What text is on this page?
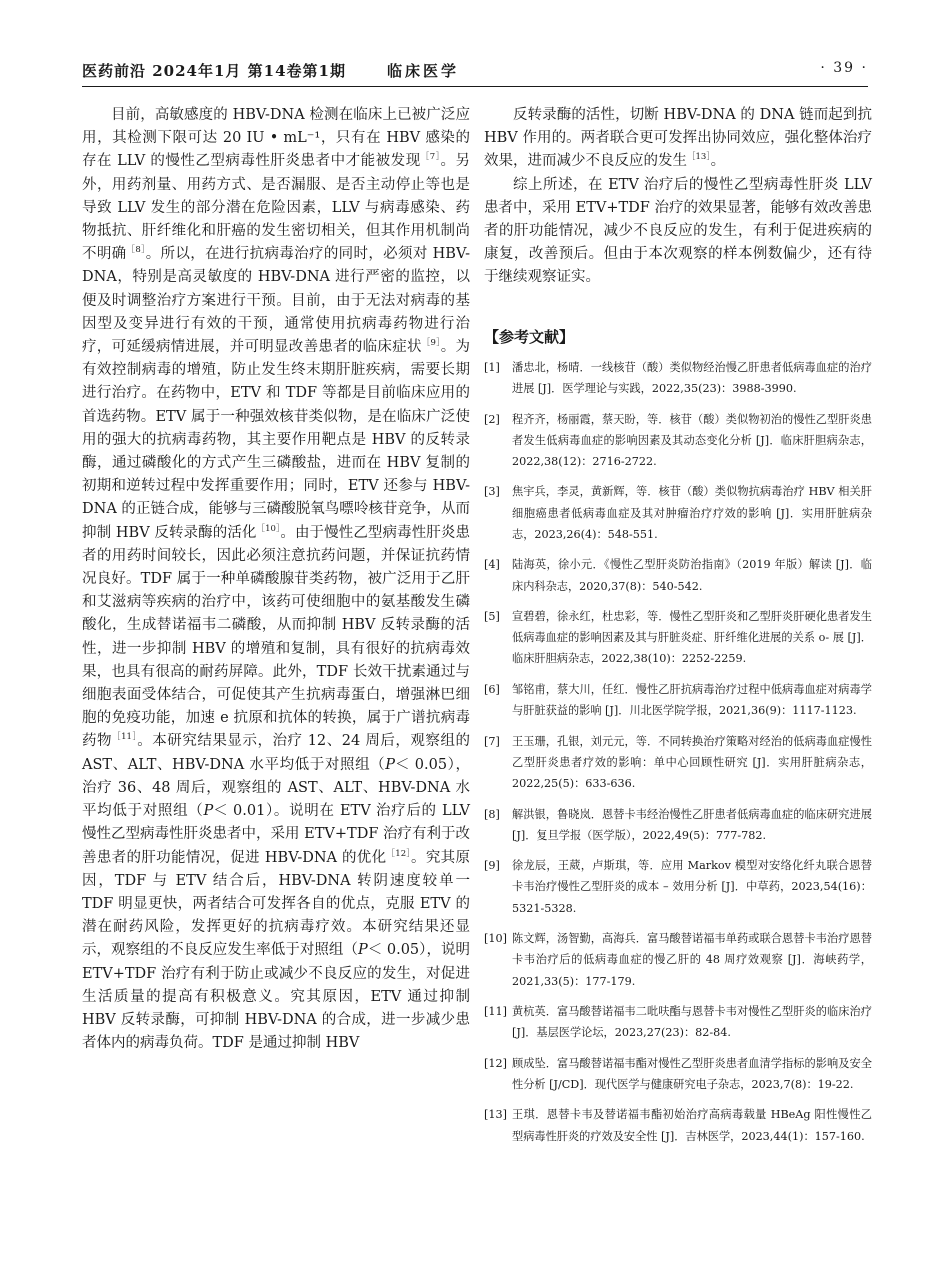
医药前沿 2024年1月 第14卷第1期	临床医学	· 39 ·

目前，高敏感度的 HBV-DNA 检测在临床上已被广泛应用，其检测下限可达 20 IU • mL⁻¹，只有在 HBV 感染的存在 LLV 的慢性乙型病毒性肝炎患者中才能被发现$^{[7]}$。另外，用药剂量、用药方式、是否漏服、是否主动停止等也是导致 LLV 发生的部分潜在危险因素，LLV 与病毒感染、药物抵抗、肝纤维化和肝癌的发生密切相关，但其作用机制尚不明确$^{[8]}$。所以，在进行抗病毒治疗的同时，必须对 HBV-DNA，特别是高灵敏度的 HBV-DNA 进行严密的监控，以便及时调整治疗方案进行干预。目前，由于无法对病毒的基因型及变异进行有效的干预，通常使用抗病毒药物进行治疗，可延缓病情进展，并可明显改善患者的临床症状$^{[9]}$。为有效控制病毒的增殖，防止发生终末期肝脏疾病，需要长期进行治疗。在药物中，ETV 和 TDF 等都是目前临床应用的首选药物。ETV 属于一种强效核苷类似物，是在临床广泛使用的强大的抗病毒药物，其主要作用靶点是 HBV 的反转录酶，通过磷酸化的方式产生三磷酸盐，进而在 HBV 复制的初期和逆转过程中发挥重要作用；同时，ETV 还参与 HBV-DNA 的正链合成，能够与三磷酸脱氧鸟嘌呤核苷竞争，从而抑制 HBV 反转录酶的活化$^{[10]}$。由于慢性乙型病毒性肝炎患者的用药时间较长，因此必须注意抗药问题，并保证抗药情况良好。TDF 属于一种单磷酸腺苷类药物，被广泛用于乙肝和艾滋病等疾病的治疗中，该药可使细胞中的氨基酸发生磷酸化，生成替诺福韦二磷酸，从而抑制 HBV 反转录酶的活性，进一步抑制 HBV 的增殖和复制，具有很好的抗病毒效果，也具有很高的耐药屏障。此外，TDF 长效干扰素通过与细胞表面受体结合，可促使其产生抗病毒蛋白，增强淋巴细胞的免疫功能，加速 e 抗原和抗体的转换，属于广谱抗病毒药物$^{[11]}$。本研究结果显示，治疗 12、24 周后，观察组的 AST、ALT、HBV-DNA 水平均低于对照组（P＜ 0.05），治疗 36、48 周后，观察组的 AST、ALT、HBV-DNA 水平均低于对照组（P＜ 0.01）。说明在 ETV 治疗后的 LLV 慢性乙型病毒性肝炎患者中，采用 ETV+TDF 治疗有利于改善患者的肝功能情况，促进 HBV-DNA 的优化$^{[12]}$。究其原因，TDF 与 ETV 结合后，HBV-DNA 转阴速度较单一 TDF 明显更快，两者结合可发挥各自的优点，克服 ETV 的潜在耐药风险，发挥更好的抗病毒疗效。本研究结果还显示，观察组的不良反应发生率低于对照组（P＜ 0.05），说明 ETV+TDF 治疗有利于防止或减少不良反应的发生，对促进生活质量的提高有积极意义。究其原因，ETV 通过抑制 HBV 反转录酶，可抑制 HBV-DNA 的合成，进一步减少患者体内的病毒负荷。TDF 是通过抑制 HBV

反转录酶的活性，切断 HBV-DNA 的 DNA 链而起到抗 HBV 作用的。两者联合更可发挥出协同效应，强化整体治疗效果，进而减少不良反应的发生$^{[13]}$。

综上所述，在 ETV 治疗后的慢性乙型病毒性肝炎 LLV 患者中，采用 ETV+TDF 治疗的效果显著，能够有效改善患者的肝功能情况，减少不良反应的发生，有利于促进疾病的康复，改善预后。但由于本次观察的样本例数偏少，还有待于继续观察证实。

【参考文献】
[1] 潘忠北，杨晴．一线核苷（酸）类似物经治慢乙肝患者低病毒血症的治疗进展 [J]．医学理论与实践，2022,35(23)：3988-3990.
[2] 程齐齐，杨丽霞，蔡天盼，等．核苷（酸）类似物初治的慢性乙型肝炎患者发生低病毒血症的影响因素及其动态变化分析 [J]．临床肝胆病杂志，2022,38(12)：2716-2722.
[3] 焦宇兵，李灵，黄新辉，等．核苷（酸）类似物抗病毒治疗 HBV 相关肝细胞癌患者低病毒血症及其对肿瘤治疗疗效的影响 [J]．实用肝脏病杂志，2023,26(4)：548-551.
[4] 陆海英，徐小元．《慢性乙型肝炎防治指南》（2019 年版）解读 [J]．临床内科杂志，2020,37(8)：540-542.
[5] 宣碧碧，徐永红，杜忠彩，等．慢性乙型肝炎和乙型肝炎肝硬化患者发生低病毒血症的影响因素及其与肝脏炎症、肝纤维化进展的关系 o- 展 [J]．临床肝胆病杂志，2022,38(10)：2252-2259.
[6] 邹铭甫，蔡大川，任红．慢性乙肝抗病毒治疗过程中低病毒血症对病毒学与肝脏获益的影响 [J]．川北医学院学报，2021,36(9)：1117-1123.
[7] 王玉珊，孔银，刘元元，等．不同转换治疗策略对经治的低病毒血症慢性乙型肝炎患者疗效的影响：单中心回顾性研究 [J]．实用肝脏病杂志，2022,25(5)：633-636.
[8] 解洪银，鲁晓岚．恩替卡韦经治慢性乙肝患者低病毒血症的临床研究进展 [J]．复旦学报（医学版），2022,49(5)：777-782.
[9] 徐龙辰，王葳，卢斯琪，等．应用 Markov 模型对安络化纤丸联合恩替卡韦治疗慢性乙型肝炎的成本 – 效用分析 [J]．中草药，2023,54(16)：5321-5328.
[10] 陈文辉，汤智勤，高海兵．富马酸替诺福韦单药或联合恩替卡韦治疗恩替卡韦治疗后的低病毒血症的慢乙肝的 48 周疗效观察 [J]．海峡药学，2021,33(5)：177-179.
[11] 黄杭英．富马酸替诺福韦二吡呋酯与恩替卡韦对慢性乙型肝炎的临床治疗 [J]．基层医学论坛，2023,27(23)：82-84.
[12] 顾成坠．富马酸替诺福韦酯对慢性乙型肝炎患者血清学指标的影响及安全性分析 [J/CD]．现代医学与健康研究电子杂志，2023,7(8)：19-22.
[13] 王琪．恩替卡韦及替诺福韦酯初始治疗高病毒载量 HBeAg 阳性慢性乙型病毒性肝炎的疗效及安全性 [J]．吉林医学，2023,44(1)：157-160.
